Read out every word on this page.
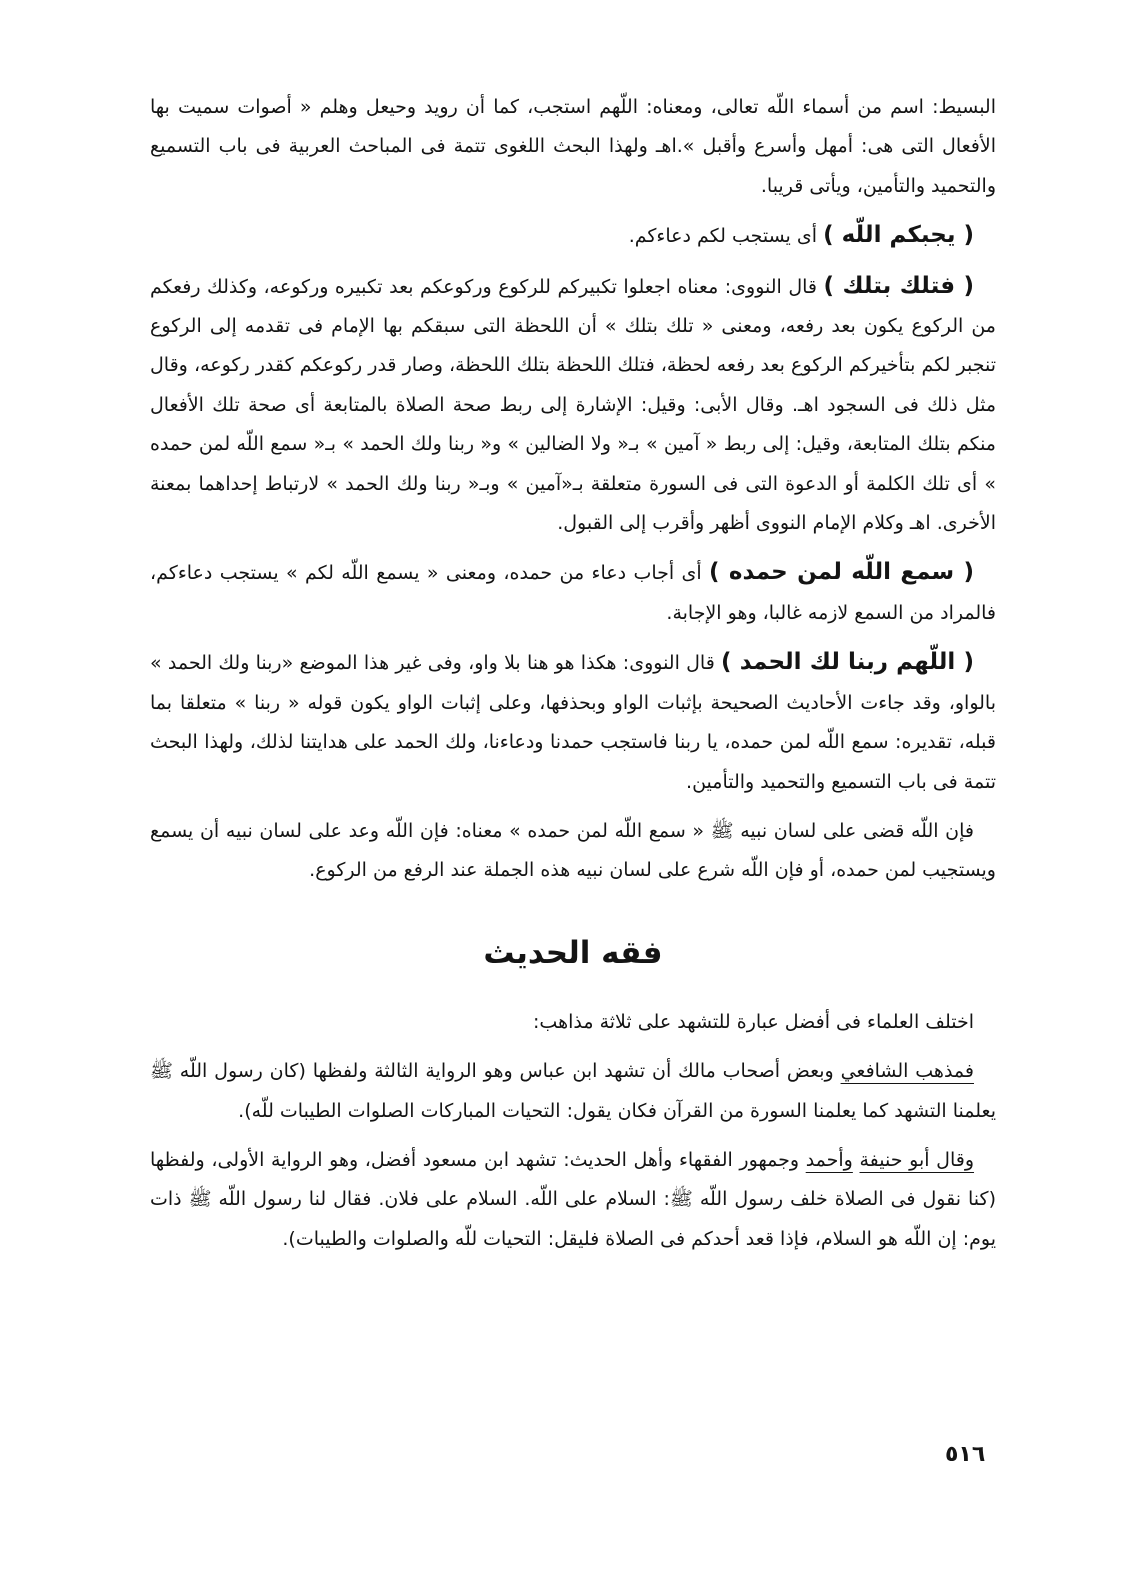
البسيط: اسم من أسماء اللّه تعالى، ومعناه: اللّهم استجب، كما أن رويد وحيعل وهلم « أصوات سميت بها الأفعال التى هى: أمهل وأسرع وأقبل ».اهـ ولهذا البحث اللغوى تتمة فى المباحث العربية فى باب التسميع والتحميد والتأمين، ويأتى قريبا.

( يجبكم اللّه ) أى يستجب لكم دعاءكم.

( فتلك بتلك ) قال النووى: معناه اجعلوا تكبيركم للركوع وركوعكم بعد تكبيره وركوعه، وكذلك رفعكم من الركوع يكون بعد رفعه، ومعنى « تلك بتلك » أن اللحظة التى سبقكم بها الإمام فى تقدمه إلى الركوع تنجبر لكم بتأخيركم الركوع بعد رفعه لحظة، فتلك اللحظة بتلك اللحظة، وصار قدر ركوعكم كقدر ركوعه، وقال مثل ذلك فى السجود اهـ. وقال الأبى: وقيل: الإشارة إلى ربط صحة الصلاة بالمتابعة أى صحة تلك الأفعال منكم بتلك المتابعة، وقيل: إلى ربط « آمين » بـ« ولا الضالين » و« ربنا ولك الحمد » بـ« سمع اللّه لمن حمده » أى تلك الكلمة أو الدعوة التى فى السورة متعلقة بـ«آمين » وبـ« ربنا ولك الحمد » لارتباط إحداهما بمعنة الأخرى. اهـ وكلام الإمام النووى أظهر وأقرب إلى القبول.

( سمع اللّه لمن حمده ) أى أجاب دعاء من حمده، ومعنى « يسمع اللّه لكم » يستجب دعاءكم، فالمراد من السمع لازمه غالبا، وهو الإجابة.

( اللّهم ربنا لك الحمد ) قال النووى: هكذا هو هنا بلا واو، وفى غير هذا الموضع «ربنا ولك الحمد » بالواو، وقد جاءت الأحاديث الصحيحة بإثبات الواو وبحذفها، وعلى إثبات الواو يكون قوله « ربنا » متعلقا بما قبله، تقديره: سمع اللّه لمن حمده، يا ربنا فاستجب حمدنا ودعاءنا، ولك الحمد على هدايتنا لذلك، ولهذا البحث تتمة فى باب التسميع والتحميد والتأمين.

فإن اللّه قضى على لسان نبيه ﷺ « سمع اللّه لمن حمده » معناه: فإن اللّه وعد على لسان نبيه أن يسمع ويستجيب لمن حمده، أو فإن اللّه شرع على لسان نبيه هذه الجملة عند الرفع من الركوع.

فقه الحديث

اختلف العلماء فى أفضل عبارة للتشهد على ثلاثة مذاهب:

فمذهب الشافعي وبعض أصحاب مالك أن تشهد ابن عباس وهو الرواية الثالثة ولفظها (كان رسول اللّه ﷺ يعلمنا التشهد كما يعلمنا السورة من القرآن فكان يقول: التحيات المباركات الصلوات الطيبات للّه).

وقال أبو حنيفة وأحمد وجمهور الفقهاء وأهل الحديث: تشهد ابن مسعود أفضل، وهو الرواية الأولى، ولفظها (كنا نقول فى الصلاة خلف رسول اللّه ﷺ: السلام على اللّه. السلام على فلان. فقال لنا رسول اللّه ﷺ ذات يوم: إن اللّه هو السلام، فإذا قعد أحدكم فى الصلاة فليقل: التحيات للّه والصلوات والطيبات).

٥١٦
